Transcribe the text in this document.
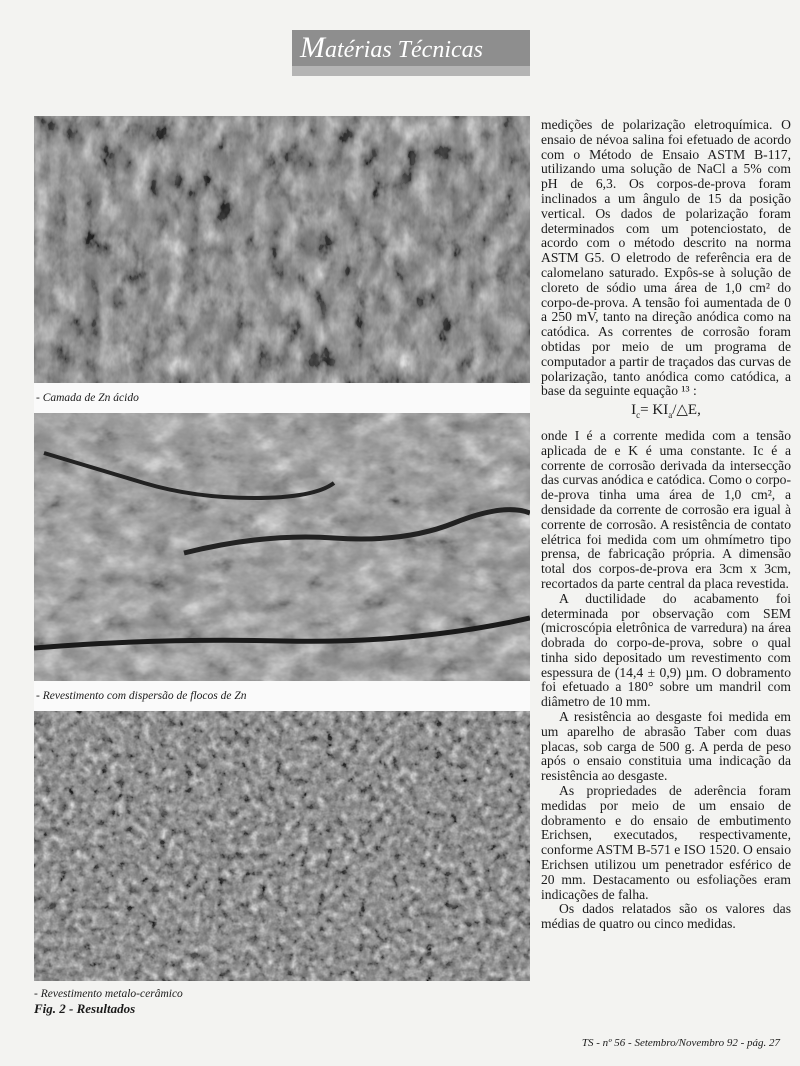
Matérias Técnicas
- Camada de Zn ácido
- Revestimento com dispersão de flocos de Zn
- Revestimento metalo-cerâmico
Fig. 2 - Resultados

medições de polarização eletroquímica. O ensaio de névoa salina foi efetuado de acordo com o Método de Ensaio ASTM B-117, utilizando uma solução de NaCl a 5% com pH de 6,3. Os corpos-de-prova foram inclinados a um ângulo de 15 da posição vertical. Os dados de polarização foram determinados com um potenciostato, de acordo com o método descrito na norma ASTM G5. O eletrodo de referência era de calomelano saturado. Expôs-se à solução de cloreto de sódio uma área de 1,0 cm² do corpo-de-prova. A tensão foi aumentada de 0 a 250 mV, tanto na direção anódica como na catódica. As correntes de corrosão foram obtidas por meio de um programa de computador a partir de traçados das curvas de polarização, tanto anódica como catódica, a base da seguinte equação ¹³ :

$I_c=$ $KI_a/\triangle E$,

onde I é a corrente medida com a tensão aplicada de e K é uma constante. Ic é a corrente de corrosão derivada da intersecção das curvas anódica e catódica. Como o corpo-de-prova tinha uma área de 1,0 cm², a densidade da corrente de corrosão era igual à corrente de corrosão. A resistência de contato elétrica foi medida com um ohmímetro tipo prensa, de fabricação própria. A dimensão total dos corpos-de-prova era 3cm x 3cm, recortados da parte central da placa revestida.

A ductilidade do acabamento foi determinada por observação com SEM (microscópia eletrônica de varredura) na área dobrada do corpo-de-prova, sobre o qual tinha sido depositado um revestimento com espessura de (14,4 ± 0,9) µm. O dobramento foi efetuado a 180° sobre um mandril com diâmetro de 10 mm.

A resistência ao desgaste foi medida em um aparelho de abrasão Taber com duas placas, sob carga de 500 g. A perda de peso após o ensaio constituia uma indicação da resistência ao desgaste.

As propriedades de aderência foram medidas por meio de um ensaio de dobramento e do ensaio de embutimento Erichsen, executados, respectivamente, conforme ASTM B-571 e ISO 1520. O ensaio Erichsen utilizou um penetrador esférico de 20 mm. Destacamento ou esfoliações eram indicações de falha.

Os dados relatados são os valores das médias de quatro ou cinco medidas.

TS - nº 56 - Setembro/Novembro 92 - pág. 27
